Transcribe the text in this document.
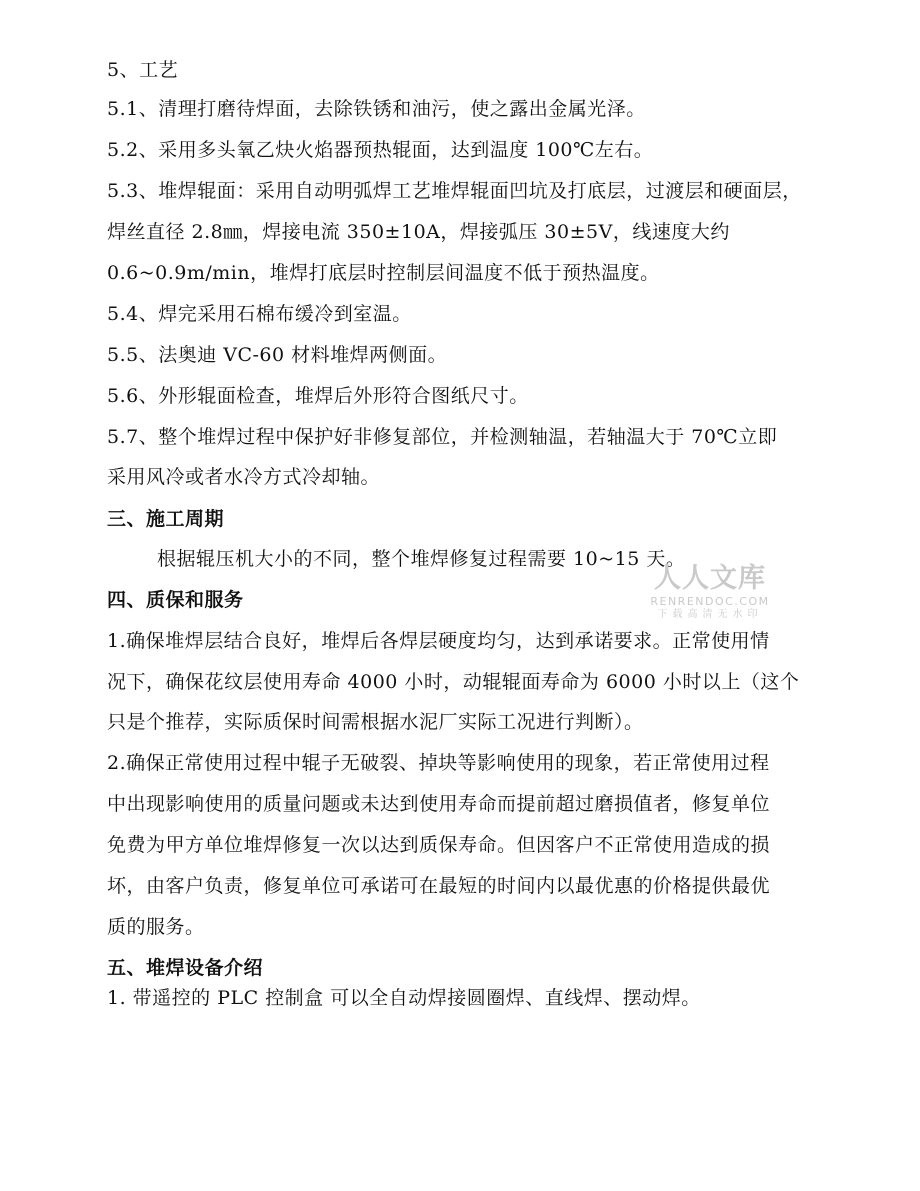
5、工艺

5.1、清理打磨待焊面，去除铁锈和油污，使之露出金属光泽。

5.2、采用多头氧乙炔火焰器预热辊面，达到温度 100℃左右。

5.3、堆焊辊面：采用自动明弧焊工艺堆焊辊面凹坑及打底层，过渡层和硬面层，

焊丝直径 2.8㎜，焊接电流 350±10A，焊接弧压 30±5V，线速度大约

0.6~0.9m/min，堆焊打底层时控制层间温度不低于预热温度。

5.4、焊完采用石棉布缓冷到室温。

5.5、法奥迪 VC-60 材料堆焊两侧面。

5.6、外形辊面检查，堆焊后外形符合图纸尺寸。

5.7、整个堆焊过程中保护好非修复部位，并检测轴温，若轴温大于 70℃立即

采用风冷或者水冷方式冷却轴。

三、施工周期

根据辊压机大小的不同，整个堆焊修复过程需要 10~15 天。

四、质保和服务

1.确保堆焊层结合良好，堆焊后各焊层硬度均匀，达到承诺要求。正常使用情

况下，确保花纹层使用寿命 4000 小时，动辊辊面寿命为 6000 小时以上（这个

只是个推荐，实际质保时间需根据水泥厂实际工况进行判断）。

2.确保正常使用过程中辊子无破裂、掉块等影响使用的现象，若正常使用过程

中出现影响使用的质量问题或未达到使用寿命而提前超过磨损值者，修复单位

免费为甲方单位堆焊修复一次以达到质保寿命。但因客户不正常使用造成的损

坏，由客户负责，修复单位可承诺可在最短的时间内以最优惠的价格提供最优

质的服务。

五、堆焊设备介绍

1. 带遥控的 PLC 控制盒 可以全自动焊接圆圈焊、直线焊、摆动焊。

人人文库
RENRENDOC.COM
下载高清无水印
